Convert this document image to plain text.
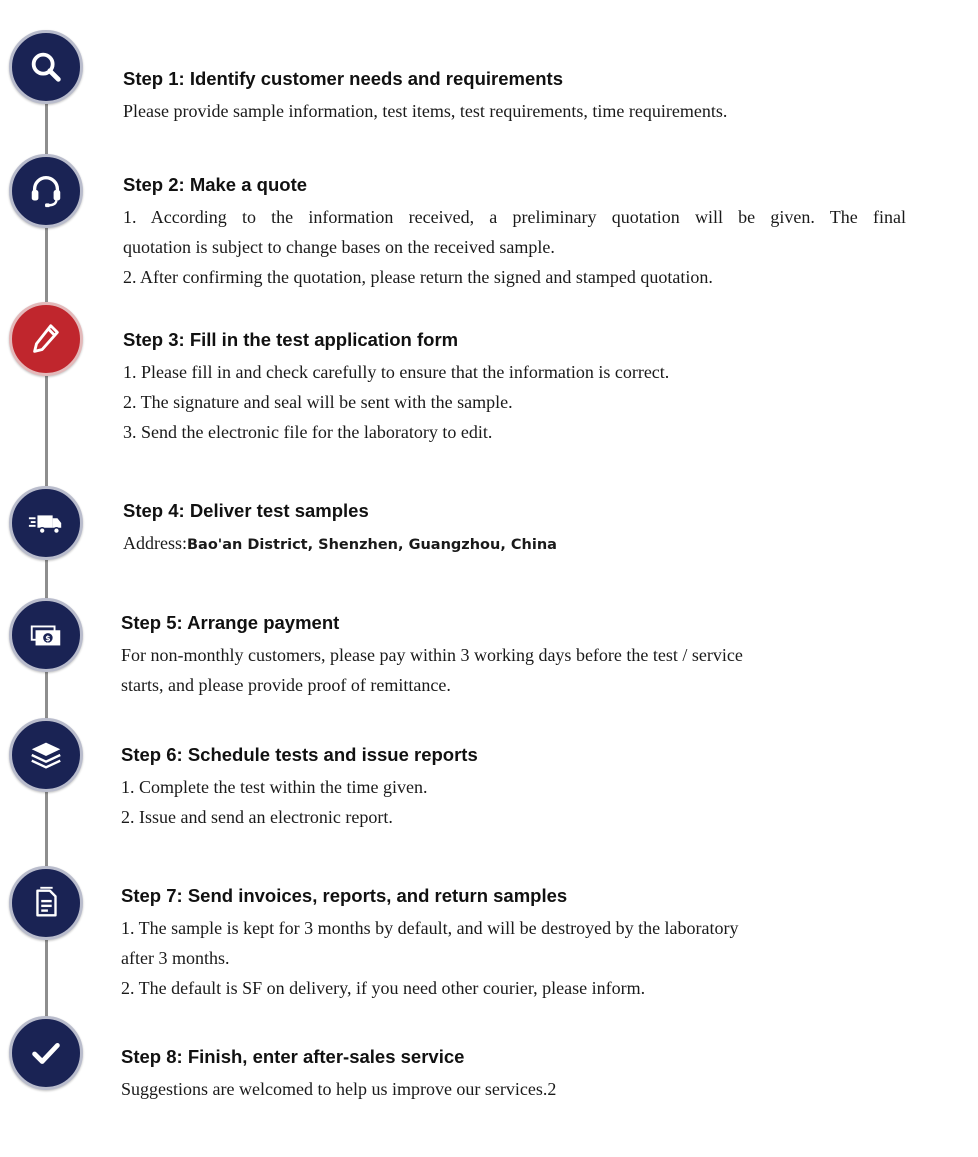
$
Step 1: Identify customer needs and requirements
Please provide sample information, test items, test requirements, time requirements.
Step 2: Make a quote
1. According to the information received, a preliminary quotation will be given. The final
quotation is subject to change bases on the received sample.
2. After confirming the quotation, please return the signed and stamped quotation.
Step 3: Fill in the test application form
1. Please fill in and check carefully to ensure that the information is correct.
2. The signature and seal will be sent with the sample.
3. Send the electronic file for the laboratory to edit.
Step 4: Deliver test samples
Address:Bao'an District, Shenzhen, Guangzhou, China
Step 5: Arrange payment
For non-monthly customers, please pay within 3 working days before the test / service
starts, and please provide proof of remittance.
Step 6: Schedule tests and issue reports
1. Complete the test within the time given.
2. Issue and send an electronic report.
Step 7: Send invoices, reports, and return samples
1. The sample is kept for 3 months by default, and will be destroyed by the laboratory
after 3 months.
2. The default is SF on delivery, if you need other courier, please inform.
Step 8: Finish, enter after-sales service
Suggestions are welcomed to help us improve our services.2
